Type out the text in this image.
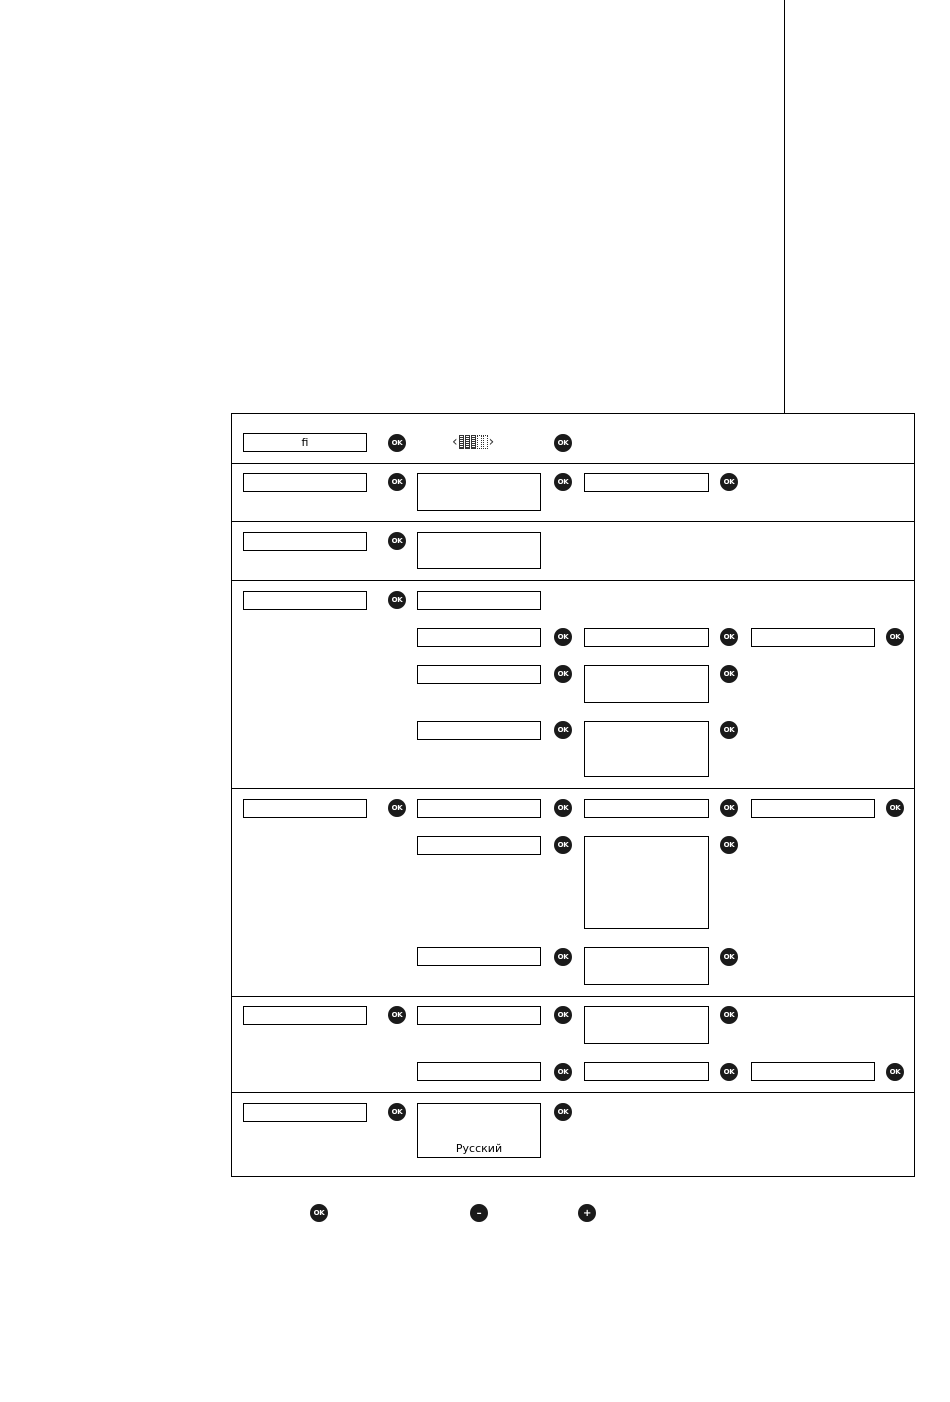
fi	OK	‹ ›	OK
OK	OK	OK
OK
OK
OK	OK	OK
OK	OK
OK	OK
OK	OK	OK	OK
OK	OK
OK	OK
OK	OK	OK
OK	OK	OK
OK
Русский
OK
OK	–	+
